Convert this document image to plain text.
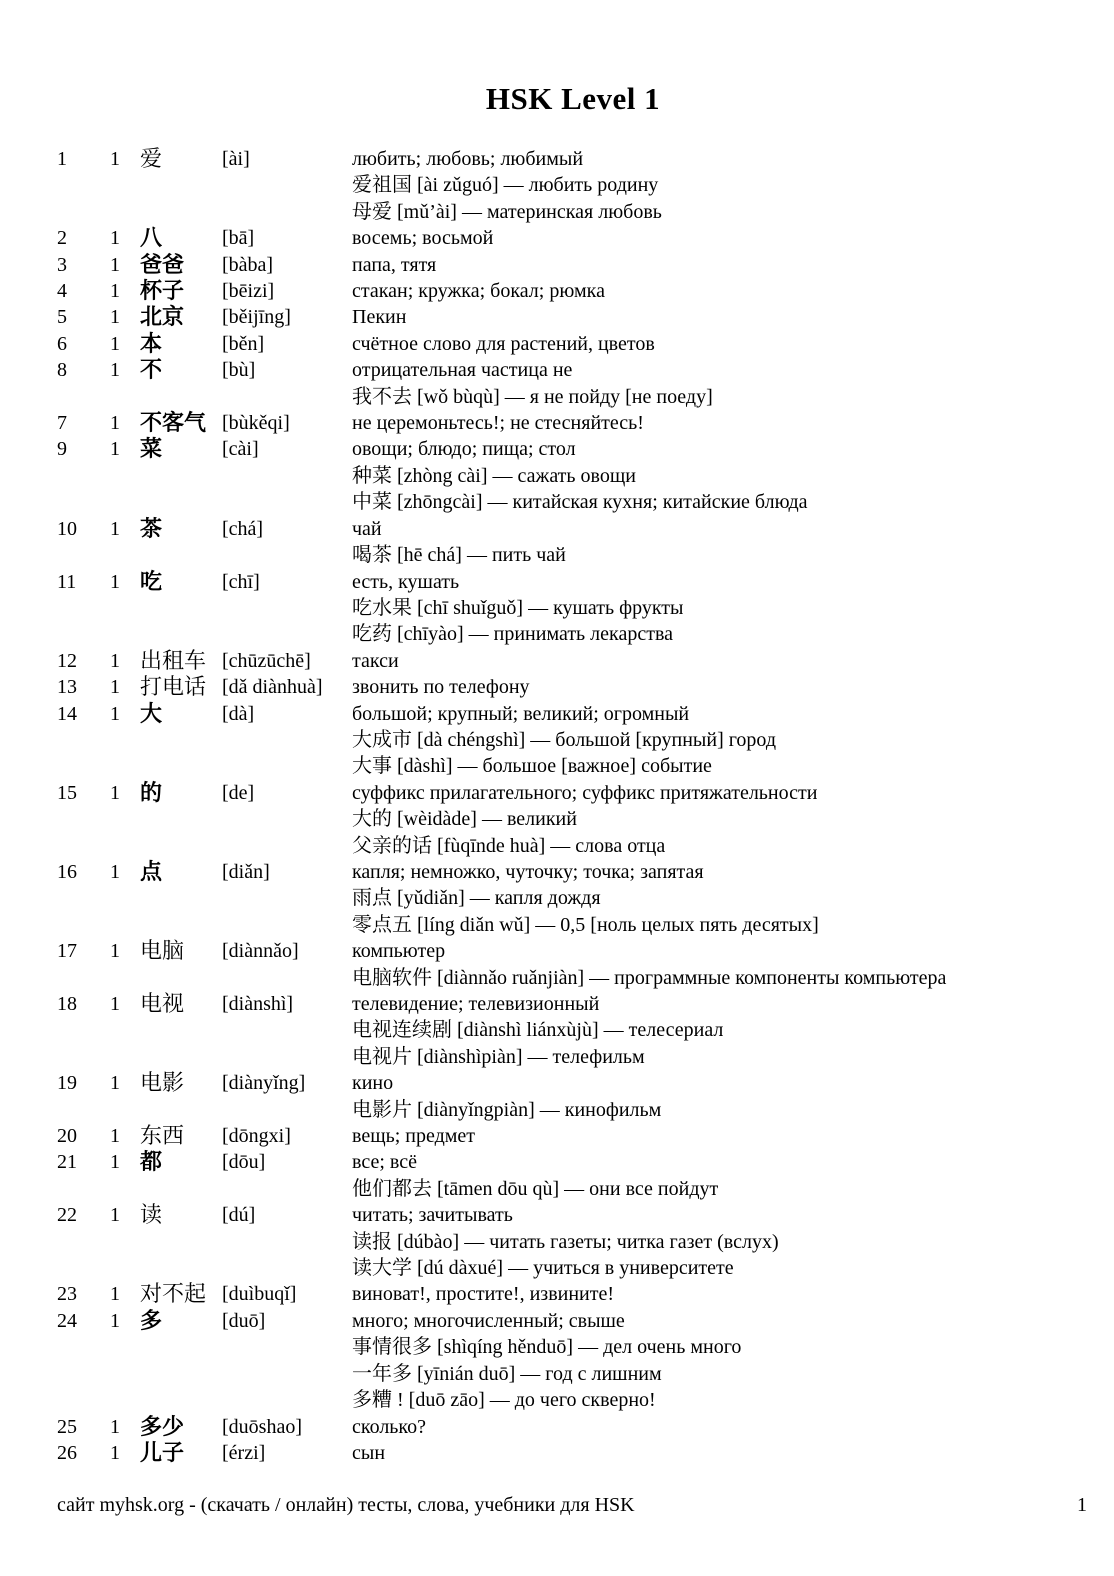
HSK Level 1
1	1 爱	[ài]	любить; любовь; любимый
爱祖国 [ài zǔguó] — любить родину
母爱 [mǔ’ài] — материнская любовь
2	1 八	[bā]	восемь; восьмой
3	1 爸爸	[bàba]	папа, тятя
4	1 杯子	[bēizi]	стакан; кружка; бокал; рюмка
5	1 北京	[běijīng]	Пекин
6	1 本	[běn]	счётное слово для растений, цветов
8	1 不	[bù]	отрицательная частица не
我不去 [wǒ bùqù] — я не пойду [не поеду]
7	1 不客气 [bùkěqi]	не церемоньтесь!; не стесняйтесь!
9	1 菜	[cài]	овощи; блюдо; пища; стол
种菜 [zhòng cài] — сажать овощи
中菜 [zhōngcài] — китайская кухня; китайские блюда
10	1 茶	[chá]	чай
喝茶 [hē chá] — пить чай
11	1 吃	[chī]	есть, кушать
吃水果 [chī shuǐguǒ] — кушать фрукты
吃药 [chīyào] — принимать лекарства
12	1 出租车 [chūzūchē]	такси
13	1 打电话 [dǎ diànhuà]	звонить по телефону
14	1 大	[dà]	большой; крупный; великий; огромный
大成市 [dà chéngshì] — большой [крупный] город
大事 [dàshì] — большое [важное] событие
15	1 的	[de]	суффикс прилагательного; суффикс притяжательности
大的 [wèidàde] — великий
父亲的话 [fùqīnde huà] — слова отца
16	1 点	[diǎn]	капля; немножко, чуточку; точка; запятая
雨点 [yǔdiǎn] — капля дождя
零点五 [líng diǎn wǔ] — 0,5 [ноль целых пять десятых]
17	1 电脑	[diànnǎo]	компьютер
电脑软件 [diànnǎo ruǎnjiàn] — программные компоненты компьютера
18	1 电视	[diànshì]	телевидение; телевизионный
电视连续剧 [diànshì liánxùjù] — телесериал
电视片 [diànshìpiàn] — телефильм
19	1 电影	[diànyǐng]	кино
电影片 [diànyǐngpiàn] — кинофильм
20	1 东西	[dōngxi]	вещь; предмет
21	1 都	[dōu]	все; всё
他们都去 [tāmen dōu qù] — они все пойдут
22	1 读	[dú]	читать; зачитывать
读报 [dúbào] — читать газеты; читка газет (вслух)
读大学 [dú dàxué] — учиться в университете
23	1 对不起 [duìbuqǐ]	виноват!, простите!, извините!
24	1 多	[duō]	много; многочисленный; свыше
事情很多 [shìqíng hěnduō] — дел очень много
一年多 [yīnián duō] — год с лишним
多糟 ! [duō zāo] — до чего скверно!
25	1 多少	[duōshao]	сколько?
26	1 儿子	[érzi]	сын
сайт myhsk.org - (скачать / онлайн) тесты, слова, учебники для HSK	1
